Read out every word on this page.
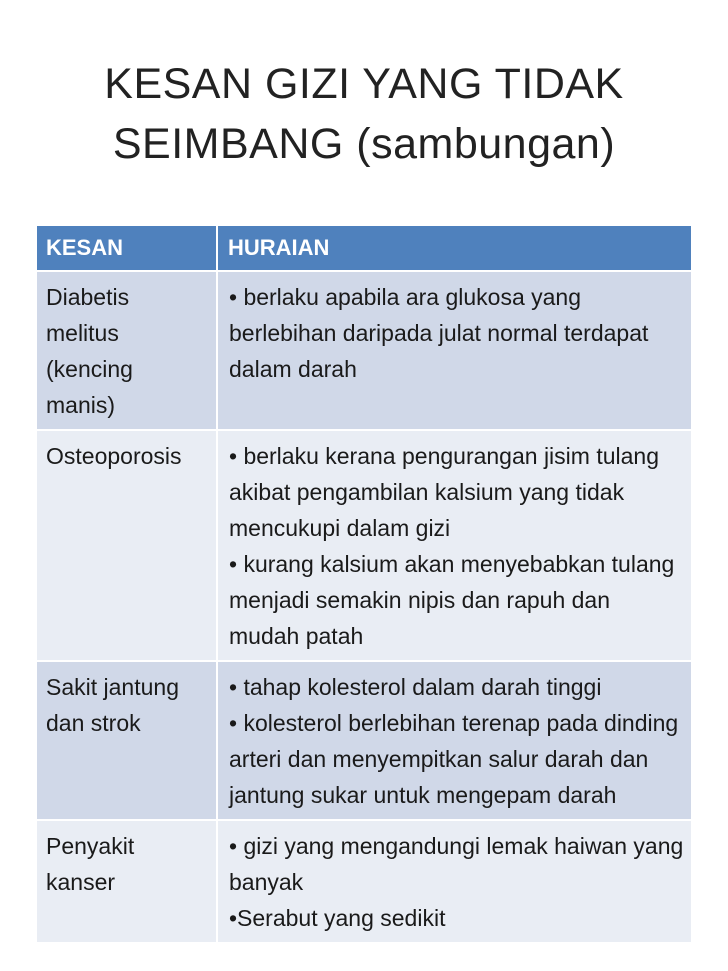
KESAN GIZI YANG TIDAK
SEIMBANG (sambungan)
KESAN	HURAIAN
Diabetis melitus (kencing manis)	• berlaku apabila ara glukosa yang berlebihan daripada julat normal terdapat dalam darah

Osteoporosis	• berlaku kerana pengurangan jisim tulang akibat pengambilan kalsium yang tidak mencukupi dalam gizi
• kurang kalsium akan menyebabkan tulang menjadi semakin nipis dan rapuh dan mudah patah

Sakit jantung dan strok	• tahap kolesterol dalam darah tinggi
• kolesterol berlebihan terenap pada dinding arteri dan menyempitkan salur darah dan jantung sukar untuk mengepam darah

Penyakit kanser	• gizi yang mengandungi lemak haiwan yang banyak
•Serabut yang sedikit
